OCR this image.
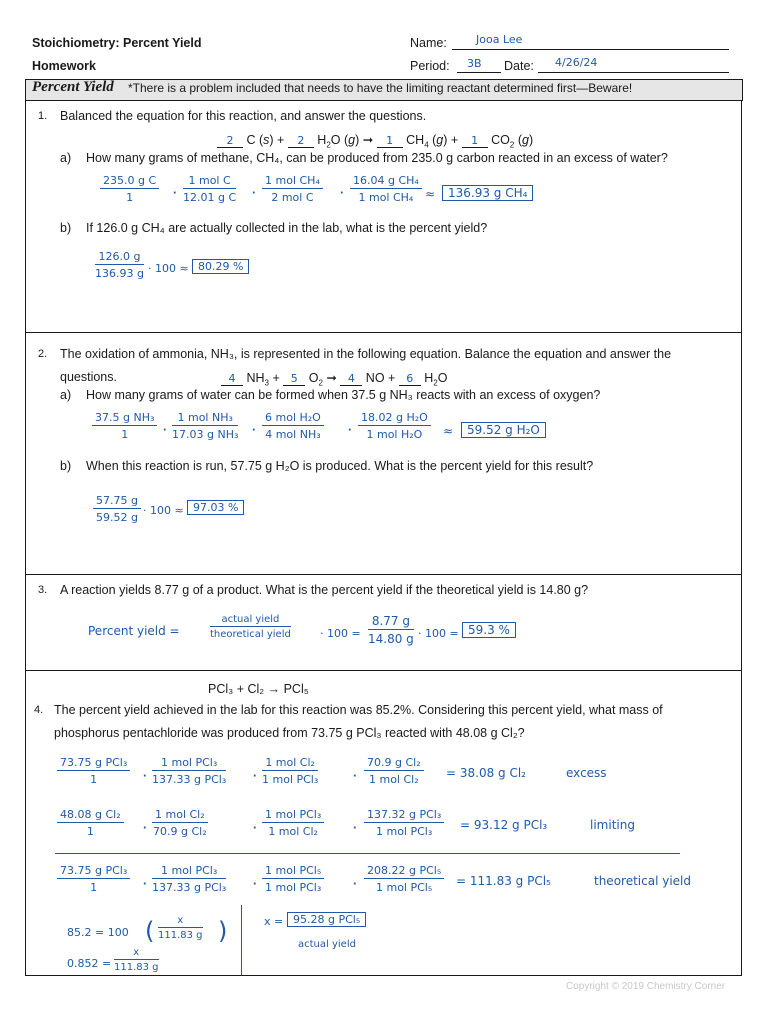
Stoichiometry: Percent Yield
Homework
Name:	Jooa Lee
Period: 3B Date: 4/26/24
Percent Yield *There is a problem included that needs to have the limiting reactant determined first—Beware!
1. Balanced the equation for this reaction, and answer the questions.
2 C (s) + 2 $H_2O$ (g) ➞ 1 $CH_4$ (g) + 1 $CO_2$ (g)
a) How many grams of methane, CH₄, can be produced from 235.0 g carbon reacted in an excess of water?
$\frac{\text{235.0 g C}}{1}$ ·
1 mol C
12.01 g C ·
1 mol CH₄
2 mol C	·
16.04 g CH₄
1 mol CH₄ ≈	136.93 g CH₄
b) If 126.0 g CH₄ are actually collected in the lab, what is the percent yield?
$\frac{126.0 g}{136.93 g} \cdot 100 \approx 80.29$ %
2. The oxidation of ammonia, NH₃, is represented in the following equation. Balance the equation and answer the
questions.	4 $NH_3 + 5$ $O_2$ ➞ 4 NO + 6 $H_2O$
a) How many grams of water can be formed when 37.5 g NH₃ reacts with an excess of oxygen?
$\frac{\text{37.5 g NH₃}}{1}$ ·
1 mol NH₃
17.03 g NH₃ ·
6 mol H₂O
4 mol NH₃ ·
18.02 g H₂O
1 mol H₂O	≈	59.52 g H₂O
b) When this reaction is run, 57.75 g H₂O is produced. What is the percent yield for this result?
$\frac{57.75 g}{59.52 g} \cdot 100 \approx 97.03$ %
3. A reaction yields 8.77 g of a product. What is the percent yield if the theoretical yield is 14.80 g?
Percent yield =
actual yield
theoretical yield	· $100 = \frac{8.77 g}{14.80 g} \cdot 100 = 59.3$ %
PCl₃ + Cl₂ → PCl₅
4. The percent yield achieved in the lab for this reaction was 85.2%. Considering this percent yield, what mass of
phosphorus pentachloride was produced from 73.75 g PCl₃ reacted with 48.08 g Cl₂?
73.75 g PCl₃
1	·
1 mol PCl₃
137.33 g PCl₃ ·
1 mol Cl₂
1 mol PCl₃	·
70.9 g Cl₂
1 mol Cl₂	= 38.08 g Cl₂	excess
$\frac{\text{48.08 g Cl₂}}{1}$ ·
1 mol Cl₂
70.9 g Cl₂	·
1 mol PCl₃
1 mol Cl₂	·
137.32 g PCl₃
1 mol PCl₃	= 93.12 g PCl₃	limiting
73.75 g PCl₃
1	·
1 mol PCl₃
137.33 g PCl₃ ·
1 mol PCl₅
1 mol PCl₃	·
208.22 g PCl₅
1 mol PCl₅	= 111.83 g PCl₅	theoretical yield
85.2 = 100 ( $\frac{x}{111.83 g}$ )
$0.852 = \frac{x}{111.83 g}$
x = 95.28 g PCl₅
actual yield
Copyright © 2019 Chemistry Corner
